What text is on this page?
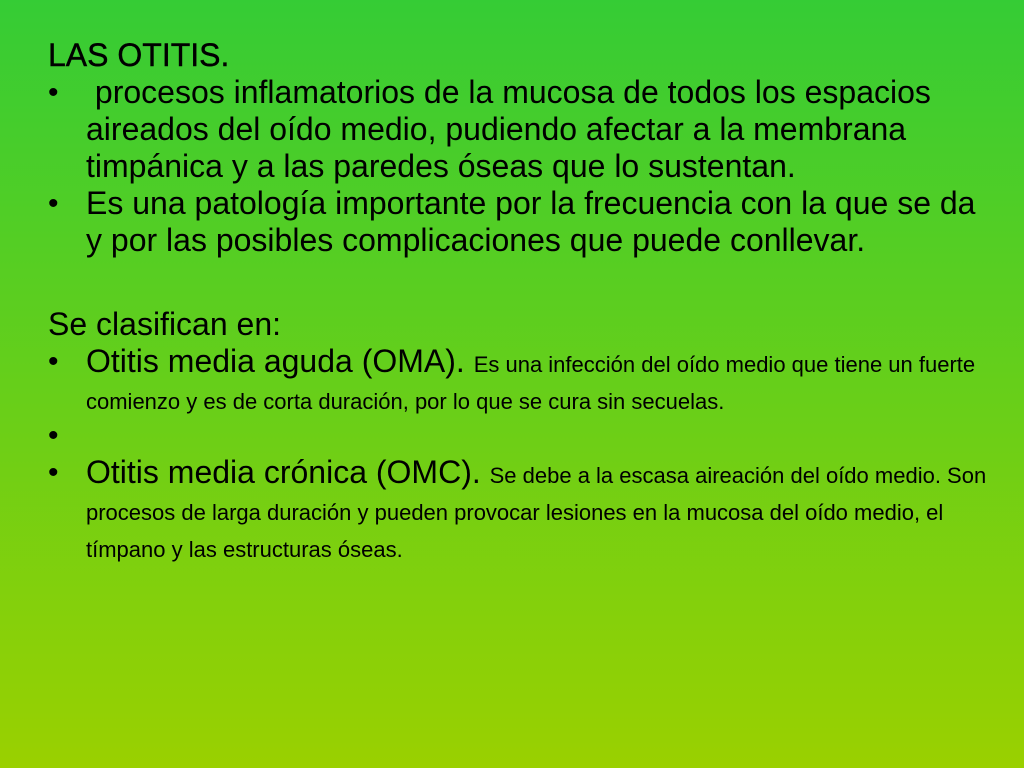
LAS OTITIS.
• procesos inflamatorios de la mucosa de todos los espacios aireados del oído medio, pudiendo afectar a la membrana timpánica y a las paredes óseas que lo sustentan.
• Es una patología importante por la frecuencia con la que se da y por las posibles complicaciones que puede conllevar.
Se clasifican en:
• Otitis media aguda (OMA). Es una infección del oído medio que tiene un fuerte comienzo y es de corta duración, por lo que se cura sin secuelas.
•
• Otitis media crónica (OMC). Se debe a la escasa aireación del oído medio. Son procesos de larga duración y pueden provocar lesiones en la mucosa del oído medio, el tímpano y las estructuras óseas.
